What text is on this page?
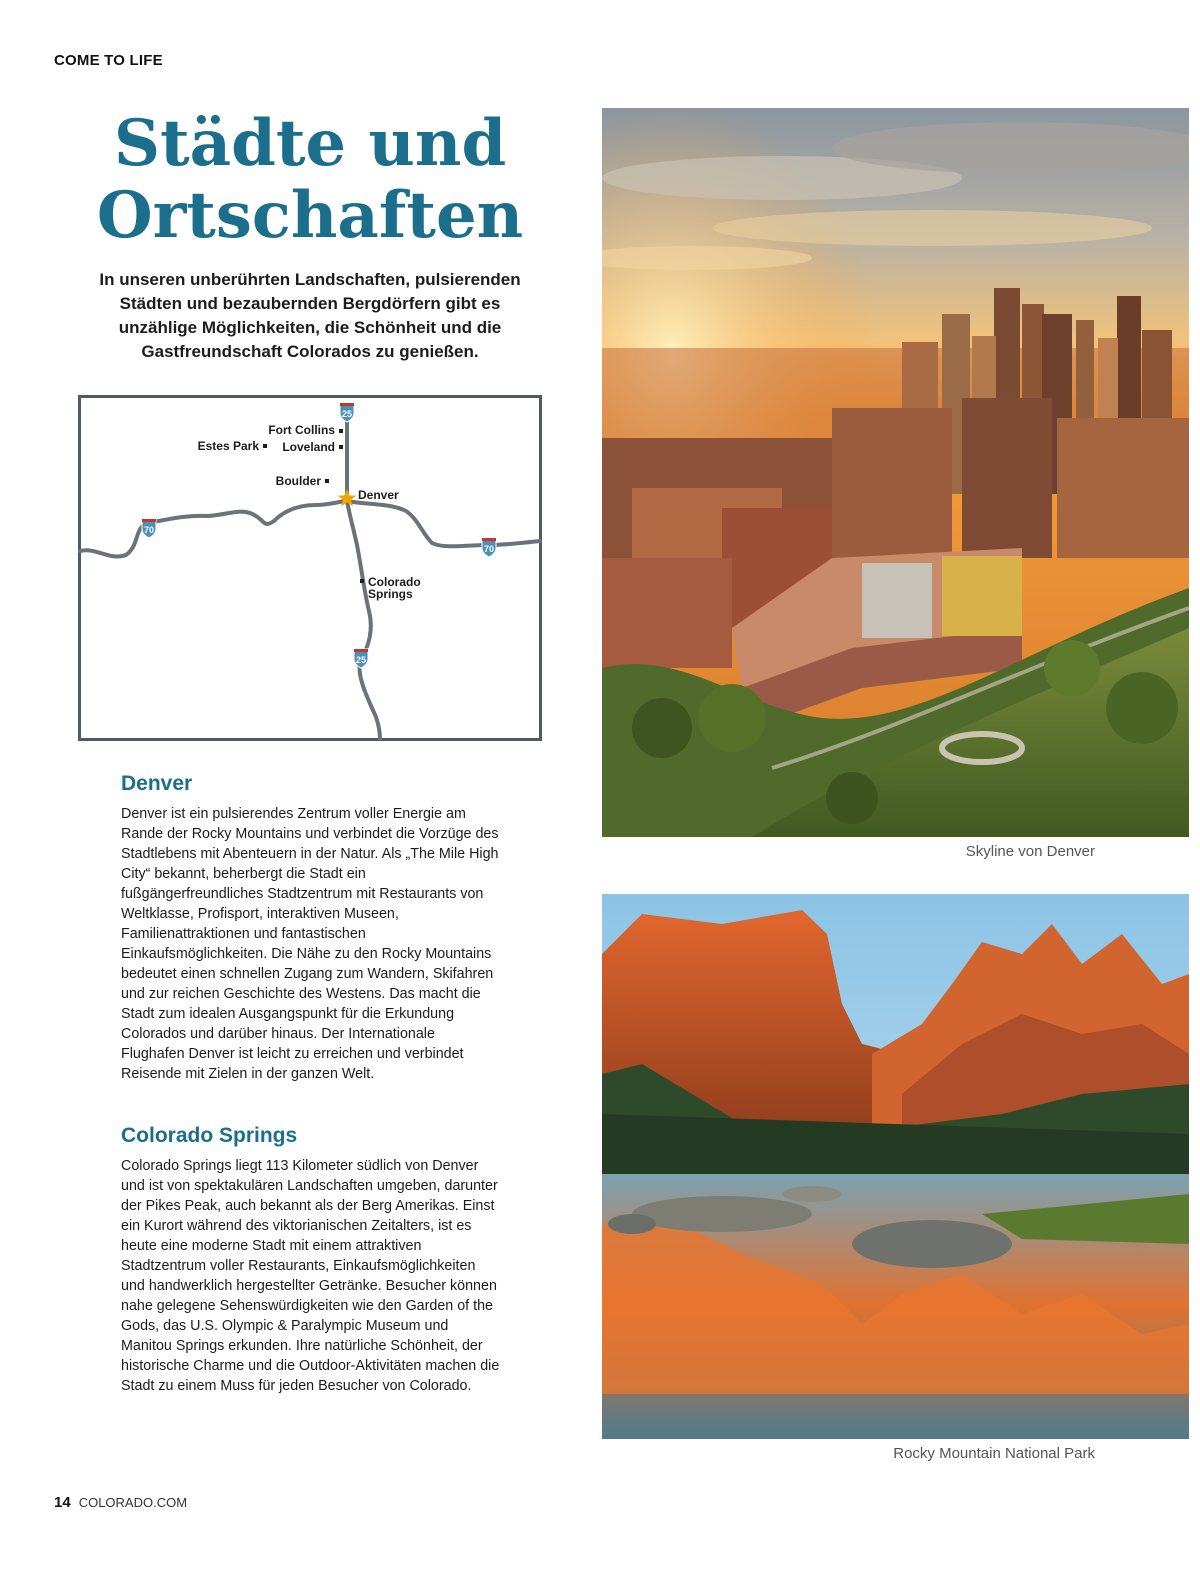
COME TO LIFE
Städte und
Ortschaften
In unseren unberührten Landschaften, pulsierenden Städten und bezaubernden Bergdörfern gibt es unzählige Möglichkeiten, die Schönheit und die Gastfreundschaft Colorados zu genießen.
25
25
70
70
Fort Collins
Estes Park Loveland
Boulder
Denver
Colorado
Springs
Denver

Denver ist ein pulsierendes Zentrum voller Energie am Rande der Rocky Mountains und verbindet die Vorzüge des Stadtlebens mit Abenteuern in der Natur. Als „The Mile High City“ bekannt, beherbergt die Stadt ein fußgängerfreundliches Stadtzentrum mit Restaurants von Weltklasse, Profisport, interaktiven Museen, Familienattraktionen und fantastischen Einkaufsmöglichkeiten. Die Nähe zu den Rocky Mountains bedeutet einen schnellen Zugang zum Wandern, Skifahren und zur reichen Geschichte des Westens. Das macht die Stadt zum idealen Ausgangspunkt für die Erkundung Colorados und darüber hinaus. Der Internationale Flughafen Denver ist leicht zu erreichen und verbindet Reisende mit Zielen in der ganzen Welt.

Colorado Springs

Colorado Springs liegt 113 Kilometer südlich von Denver und ist von spektakulären Landschaften umgeben, darunter der Pikes Peak, auch bekannt als der Berg Amerikas. Einst ein Kurort während des viktorianischen Zeitalters, ist es heute eine moderne Stadt mit einem attraktiven Stadtzentrum voller Restaurants, Einkaufsmöglichkeiten und handwerklich hergestellter Getränke. Besucher können nahe gelegene Sehenswürdigkeiten wie den Garden of the Gods, das U.S. Olympic & Paralympic Museum und Manitou Springs erkunden. Ihre natürliche Schönheit, der historische Charme und die Outdoor-Aktivitäten machen die Stadt zu einem Muss für jeden Besucher von Colorado.

Skyline von Denver
Rocky Mountain National Park
14 COLORADO.COM
